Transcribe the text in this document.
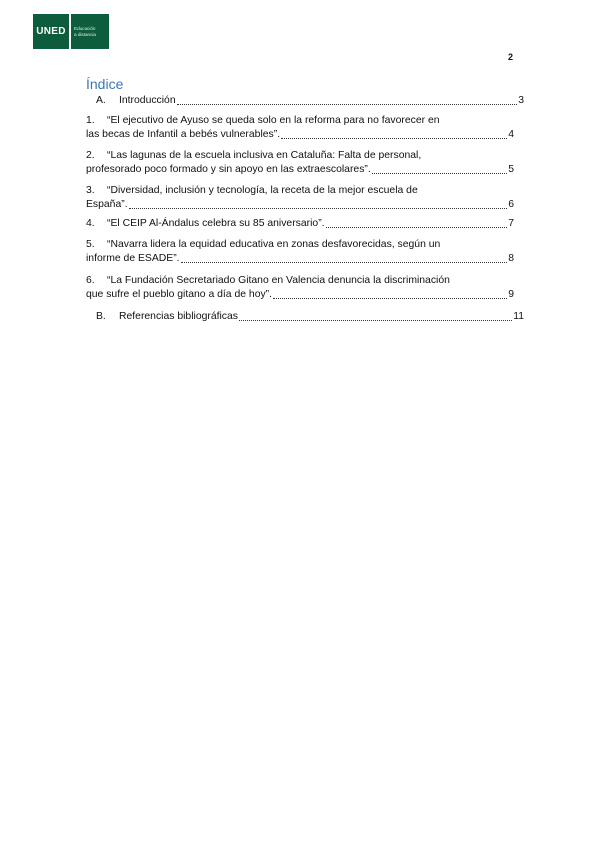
UNED	Educación
a distancia
2
Índice
A.	Introducción	3
1.	“El ejecutivo de Ayuso se queda solo en la reforma para no favorecer en
las becas de Infantil a bebés vulnerables”.	4
2.	“Las lagunas de la escuela inclusiva en Cataluña: Falta de personal,
profesorado poco formado y sin apoyo en las extraescolares”.	5
3.	“Diversidad, inclusión y tecnología, la receta de la mejor escuela de
España”.	6
4.	“El CEIP Al-Ándalus celebra su 85 aniversario”.	7
5.	“Navarra lidera la equidad educativa en zonas desfavorecidas, según un
informe de ESADE”.	8
6.	“La Fundación Secretariado Gitano en Valencia denuncia la discriminación
que sufre el pueblo gitano a día de hoy”.	9
B.	Referencias bibliográficas	11
